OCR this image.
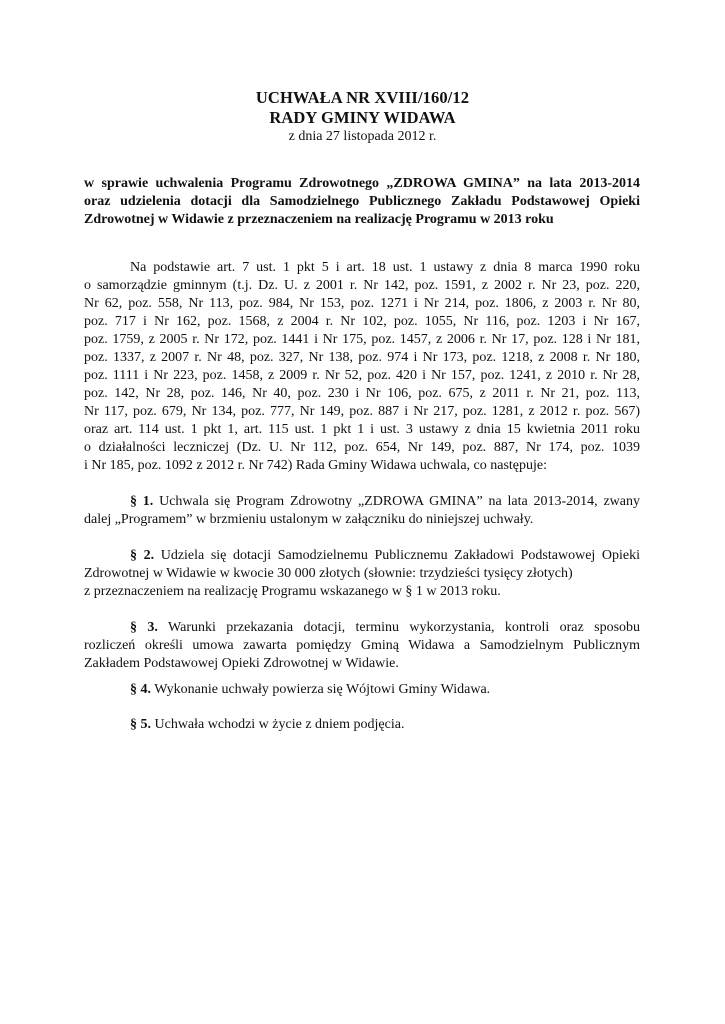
UCHWAŁA NR XVIII/160/12
RADY GMINY WIDAWA
z dnia 27 listopada 2012 r.
w sprawie uchwalenia Programu Zdrowotnego „ZDROWA GMINA” na lata 2013-2014
oraz udzielenia dotacji dla Samodzielnego Publicznego Zakładu Podstawowej Opieki
Zdrowotnej w Widawie z przeznaczeniem na realizację Programu w 2013 roku
Na podstawie art. 7 ust. 1 pkt 5 i art. 18 ust. 1 ustawy z dnia 8 marca 1990 roku
o samorządzie gminnym (t.j. Dz. U. z 2001 r. Nr 142, poz. 1591, z 2002 r. Nr 23, poz. 220,
Nr 62, poz. 558, Nr 113, poz. 984, Nr 153, poz. 1271 i Nr 214, poz. 1806, z 2003 r. Nr 80,
poz. 717 i Nr 162, poz. 1568, z 2004 r. Nr 102, poz. 1055, Nr 116, poz. 1203 i Nr 167,
poz. 1759, z 2005 r. Nr 172, poz. 1441 i Nr 175, poz. 1457, z 2006 r. Nr 17, poz. 128 i Nr 181,
poz. 1337, z 2007 r. Nr 48, poz. 327, Nr 138, poz. 974 i Nr 173, poz. 1218, z 2008 r. Nr 180,
poz. 1111 i Nr 223, poz. 1458, z 2009 r. Nr 52, poz. 420 i Nr 157, poz. 1241, z 2010 r. Nr 28,
poz. 142, Nr 28, poz. 146, Nr 40, poz. 230 i Nr 106, poz. 675, z 2011 r. Nr 21, poz. 113,
Nr 117, poz. 679, Nr 134, poz. 777, Nr 149, poz. 887 i Nr 217, poz. 1281, z 2012 r. poz. 567)
oraz art. 114 ust. 1 pkt 1, art. 115 ust. 1 pkt 1 i ust. 3 ustawy z dnia 15 kwietnia 2011 roku
o działalności leczniczej (Dz. U. Nr 112, poz. 654, Nr 149, poz. 887, Nr 174, poz. 1039
i Nr 185, poz. 1092 z 2012 r. Nr 742) Rada Gminy Widawa uchwala, co następuje:
§ 1. Uchwala się Program Zdrowotny „ZDROWA GMINA” na lata 2013-2014, zwany
dalej „Programem” w brzmieniu ustalonym w załączniku do niniejszej uchwały.
§ 2. Udziela się dotacji Samodzielnemu Publicznemu Zakładowi Podstawowej Opieki
Zdrowotnej w Widawie w kwocie 30 000 złotych (słownie: trzydzieści tysięcy złotych)
z przeznaczeniem na realizację Programu wskazanego w § 1 w 2013 roku.
§ 3. Warunki przekazania dotacji, terminu wykorzystania, kontroli oraz sposobu
rozliczeń określi umowa zawarta pomiędzy Gminą Widawa a Samodzielnym Publicznym
Zakładem Podstawowej Opieki Zdrowotnej w Widawie.
§ 4. Wykonanie uchwały powierza się Wójtowi Gminy Widawa.
§ 5. Uchwała wchodzi w życie z dniem podjęcia.
